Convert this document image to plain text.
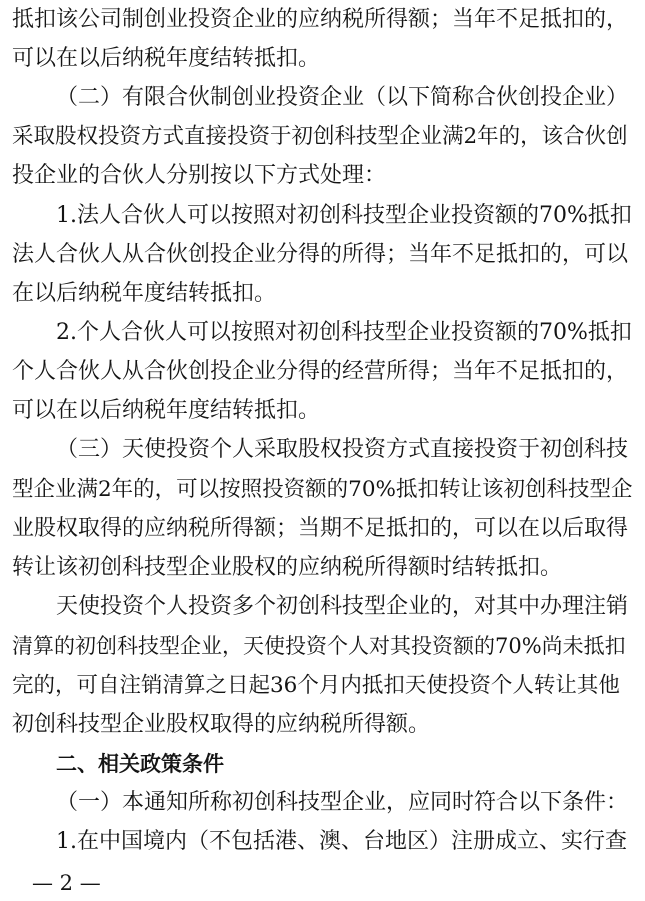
抵扣该公司制创业投资企业的应纳税所得额；当年不足抵扣的，
可以在以后纳税年度结转抵扣。
（二）有限合伙制创业投资企业（以下简称合伙创投企业）
采取股权投资方式直接投资于初创科技型企业满2年的，该合伙创
投企业的合伙人分别按以下方式处理：
1.法人合伙人可以按照对初创科技型企业投资额的70%抵扣
法人合伙人从合伙创投企业分得的所得；当年不足抵扣的，可以
在以后纳税年度结转抵扣。
2.个人合伙人可以按照对初创科技型企业投资额的70%抵扣
个人合伙人从合伙创投企业分得的经营所得；当年不足抵扣的，
可以在以后纳税年度结转抵扣。
（三）天使投资个人采取股权投资方式直接投资于初创科技
型企业满2年的，可以按照投资额的70%抵扣转让该初创科技型企
业股权取得的应纳税所得额；当期不足抵扣的，可以在以后取得
转让该初创科技型企业股权的应纳税所得额时结转抵扣。
天使投资个人投资多个初创科技型企业的，对其中办理注销
清算的初创科技型企业，天使投资个人对其投资额的70%尚未抵扣
完的，可自注销清算之日起36个月内抵扣天使投资个人转让其他
初创科技型企业股权取得的应纳税所得额。
二、相关政策条件
（一）本通知所称初创科技型企业，应同时符合以下条件：
1.在中国境内（不包括港、澳、台地区）注册成立、实行查
— 2 —
